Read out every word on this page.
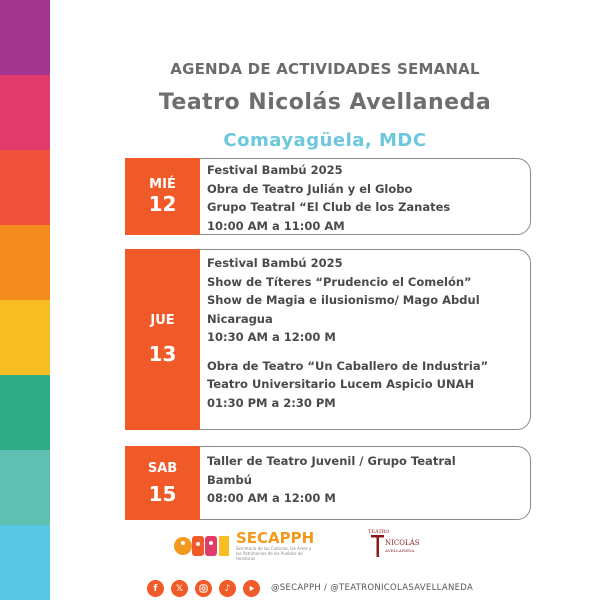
AGENDA DE ACTIVIDADES SEMANAL
Teatro Nicolás Avellaneda
Comayagüela, MDC
MIÉ
12
Festival Bambú 2025
Obra de Teatro Julián y el Globo
Grupo Teatral “El Club de los Zanates
10:00 AM a 11:00 AM
JUE
13
Festival Bambú 2025
Show de Títeres “Prudencio el Comelón”
Show de Magia e ilusionismo/ Mago Abdul
Nicaragua
10:30 AM a 12:00 M
Obra de Teatro “Un Caballero de Industria”
Teatro Universitario Lucem Aspicio UNAH
01:30 PM a 2:30 PM
SAB
15
Taller de Teatro Juvenil / Grupo Teatral
Bambú
08:00 AM a 12:00 M
SECAPPH
Secretaría de las Culturas, las Artes y los Patrimonios de los Pueblos de Honduras
TEATRO
NICOLÁS
AVELLANEDA
f	𝕏	♪	@SECAPPH / @TEATRONICOLASAVELLANEDA
